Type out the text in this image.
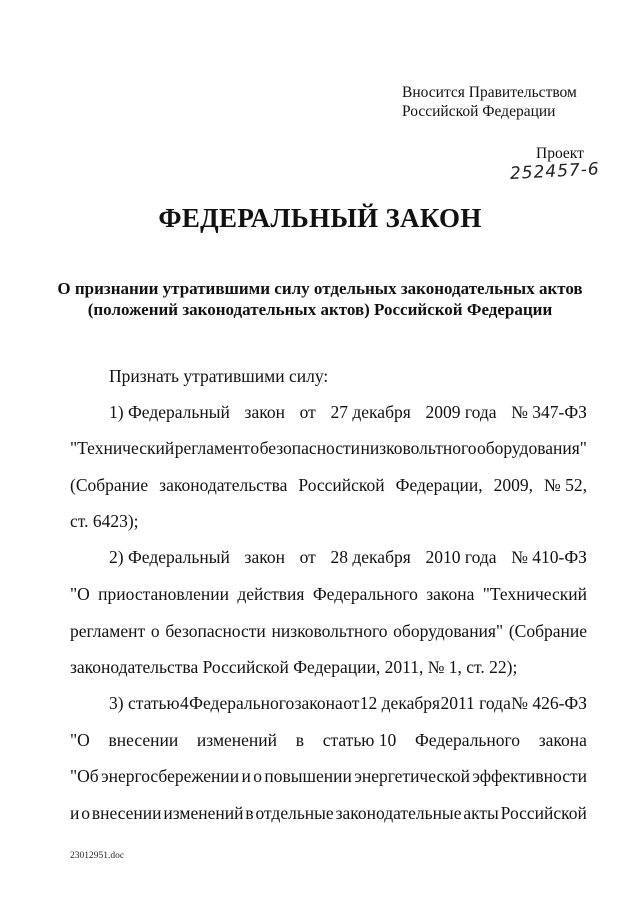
Вносится Правительством
Российской Федерации
Проект
252457-6
ФЕДЕРАЛЬНЫЙ ЗАКОН
О признании утратившими силу отдельных законодательных актов
(положений законодательных актов) Российской Федерации
Признать утратившими силу:
1) Федеральный закон от 27 декабря 2009 года № 347-ФЗ
"Технический регламент о безопасности низковольтного оборудования"
(Собрание законодательства Российской Федерации, 2009, № 52,
ст. 6423);
2) Федеральный закон от 28 декабря 2010 года № 410-ФЗ
"О приостановлении действия Федерального закона "Технический
регламент о безопасности низковольтного оборудования" (Собрание
законодательства Российской Федерации, 2011, № 1, ст. 22);
3) статью 4 Федерального закона от 12 декабря 2011 года № 426-ФЗ
"О внесении изменений в статью 10 Федерального закона
"Об энергосбережении и о повышении энергетической эффективности
и о внесении изменений в отдельные законодательные акты Российской
23012951.doc
